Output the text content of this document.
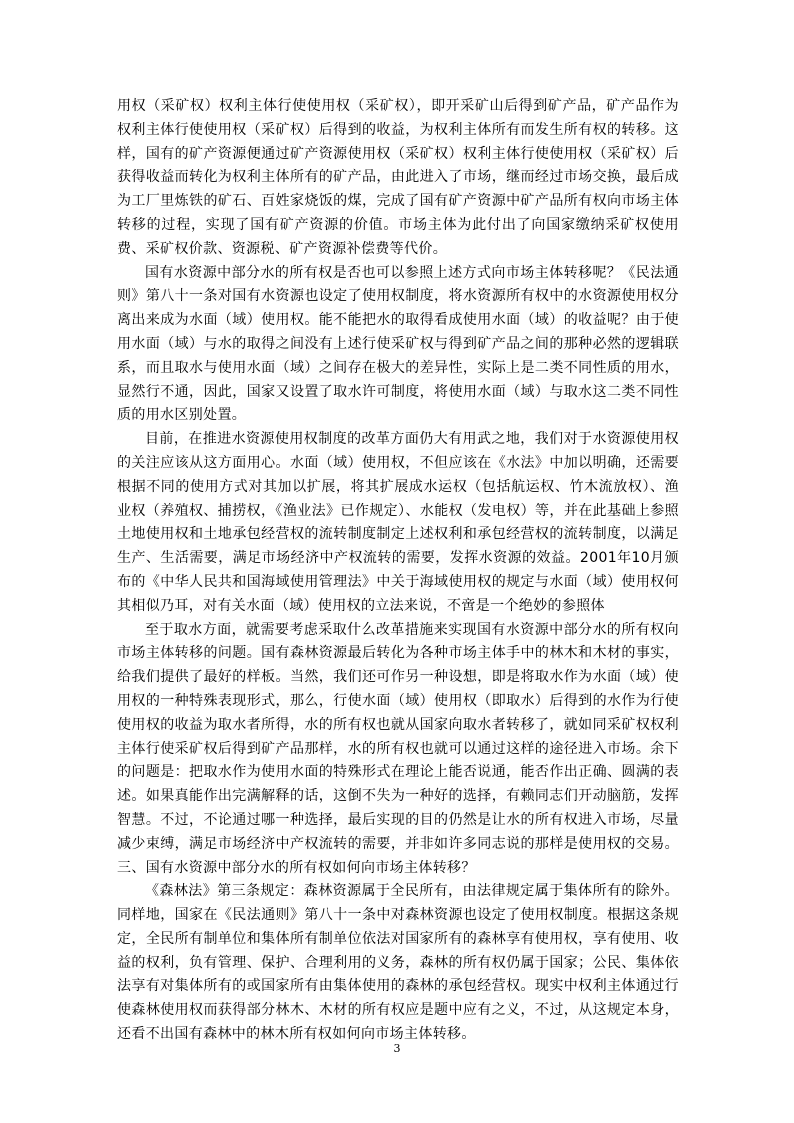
用权（采矿权）权利主体行使使用权（采矿权），即开采矿山后得到矿产品，矿产品作为权利主体行使使用权（采矿权）后得到的收益，为权利主体所有而发生所有权的转移。这样，国有的矿产资源便通过矿产资源使用权（采矿权）权利主体行使使用权（采矿权）后获得收益而转化为权利主体所有的矿产品，由此进入了市场，继而经过市场交换，最后成为工厂里炼铁的矿石、百姓家烧饭的煤，完成了国有矿产资源中矿产品所有权向市场主体转移的过程，实现了国有矿产资源的价值。市场主体为此付出了向国家缴纳采矿权使用费、采矿权价款、资源税、矿产资源补偿费等代价。

国有水资源中部分水的所有权是否也可以参照上述方式向市场主体转移呢？《民法通则》第八十一条对国有水资源也设定了使用权制度，将水资源所有权中的水资源使用权分离出来成为水面（域）使用权。能不能把水的取得看成使用水面（域）的收益呢？由于使用水面（域）与水的取得之间没有上述行使采矿权与得到矿产品之间的那种必然的逻辑联系，而且取水与使用水面（域）之间存在极大的差异性，实际上是二类不同性质的用水，显然行不通，因此，国家又设置了取水许可制度，将使用水面（域）与取水这二类不同性质的用水区别处置。

目前，在推进水资源使用权制度的改革方面仍大有用武之地，我们对于水资源使用权的关注应该从这方面用心。水面（域）使用权，不但应该在《水法》中加以明确，还需要根据不同的使用方式对其加以扩展，将其扩展成水运权（包括航运权、竹木流放权）、渔业权（养殖权、捕捞权，《渔业法》已作规定）、水能权（发电权）等，并在此基础上参照土地使用权和土地承包经营权的流转制度制定上述权利和承包经营权的流转制度，以满足生产、生活需要，满足市场经济中产权流转的需要，发挥水资源的效益。2001年10月颁布的《中华人民共和国海域使用管理法》中关于海域使用权的规定与水面（域）使用权何其相似乃耳，对有关水面（域）使用权的立法来说，不啻是一个绝妙的参照体

至于取水方面，就需要考虑采取什么改革措施来实现国有水资源中部分水的所有权向市场主体转移的问题。国有森林资源最后转化为各种市场主体手中的林木和木材的事实，给我们提供了最好的样板。当然，我们还可作另一种设想，即是将取水作为水面（域）使用权的一种特殊表现形式，那么，行使水面（域）使用权（即取水）后得到的水作为行使使用权的收益为取水者所得，水的所有权也就从国家向取水者转移了，就如同采矿权权利主体行使采矿权后得到矿产品那样，水的所有权也就可以通过这样的途径进入市场。余下的问题是：把取水作为使用水面的特殊形式在理论上能否说通，能否作出正确、圆满的表述。如果真能作出完满解释的话，这倒不失为一种好的选择，有赖同志们开动脑筋，发挥智慧。不过，不论通过哪一种选择，最后实现的目的仍然是让水的所有权进入市场，尽量减少束缚，满足市场经济中产权流转的需要，并非如许多同志说的那样是使用权的交易。 三、国有水资源中部分水的所有权如何向市场主体转移？

《森林法》第三条规定：森林资源属于全民所有，由法律规定属于集体所有的除外。同样地，国家在《民法通则》第八十一条中对森林资源也设定了使用权制度。根据这条规定，全民所有制单位和集体所有制单位依法对国家所有的森林享有使用权，享有使用、收益的权利，负有管理、保护、合理利用的义务，森林的所有权仍属于国家；公民、集体依法享有对集体所有的或国家所有由集体使用的森林的承包经营权。现实中权利主体通过行使森林使用权而获得部分林木、木材的所有权应是题中应有之义，不过，从这规定本身，还看不出国有森林中的林木所有权如何向市场主体转移。

3
